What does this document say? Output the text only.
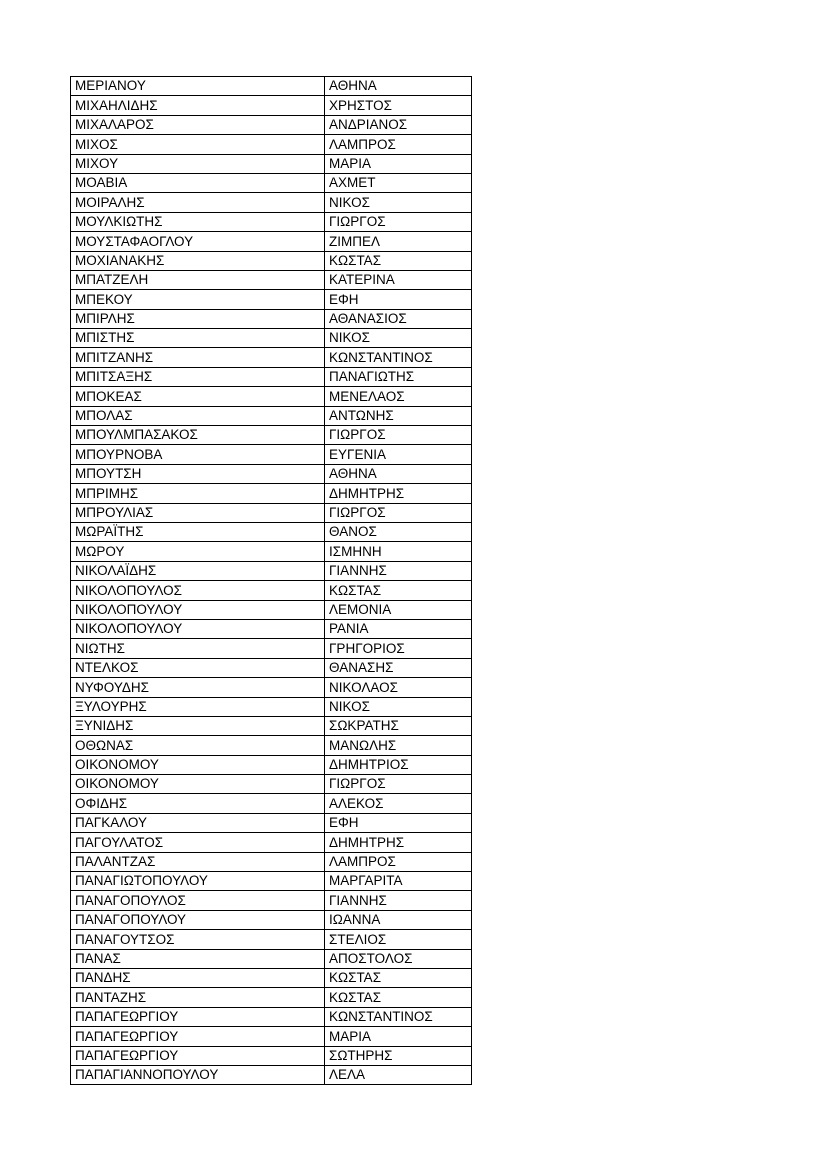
ΜΕΡΙΑΝΟΥ	ΑΘΗΝΑ
ΜΙΧΑΗΛΙΔΗΣ	ΧΡΗΣΤΟΣ
ΜΙΧΑΛΑΡΟΣ	ΑΝΔΡΙΑΝΟΣ
ΜΙΧΟΣ	ΛΑΜΠΡΟΣ
ΜΙΧΟΥ	ΜΑΡΙΑ
ΜΟΑΒΙΑ	ΑΧΜΕΤ
ΜΟΙΡΑΛΗΣ	ΝΙΚΟΣ
ΜΟΥΛΚΙΩΤΗΣ	ΓΙΩΡΓΟΣ
ΜΟΥΣΤΑΦΑΟΓΛΟΥ	ΖΙΜΠΕΛ
ΜΟΧΙΑΝΑΚΗΣ	ΚΩΣΤΑΣ
ΜΠΑΤΖΕΛΗ	ΚΑΤΕΡΙΝΑ
ΜΠΕΚΟΥ	ΕΦΗ
ΜΠΙΡΛΗΣ	ΑΘΑΝΑΣΙΟΣ
ΜΠΙΣΤΗΣ	ΝΙΚΟΣ
ΜΠΙΤΖΑΝΗΣ	ΚΩΝΣΤΑΝΤΙΝΟΣ
ΜΠΙΤΣΑΞΗΣ	ΠΑΝΑΓΙΩΤΗΣ
ΜΠΟΚΕΑΣ	ΜΕΝΕΛΑΟΣ
ΜΠΟΛΑΣ	ΑΝΤΩΝΗΣ
ΜΠΟΥΛΜΠΑΣΑΚΟΣ	ΓΙΩΡΓΟΣ
ΜΠΟΥΡΝΟΒΑ	ΕΥΓΕΝΙΑ
ΜΠΟΥΤΣΗ	ΑΘΗΝΑ
ΜΠΡΙΜΗΣ	ΔΗΜΗΤΡΗΣ
ΜΠΡΟΥΛΙΑΣ	ΓΙΩΡΓΟΣ
ΜΩΡΑΪΤΗΣ	ΘΑΝΟΣ
ΜΩΡΟΥ	ΙΣΜΗΝΗ
ΝΙΚΟΛΑΪΔΗΣ	ΓΙΑΝΝΗΣ
ΝΙΚΟΛΟΠΟΥΛΟΣ	ΚΩΣΤΑΣ
ΝΙΚΟΛΟΠΟΥΛΟΥ	ΛΕΜΟΝΙΑ
ΝΙΚΟΛΟΠΟΥΛΟΥ	ΡΑΝΙΑ
ΝΙΩΤΗΣ	ΓΡΗΓΟΡΙΟΣ
ΝΤΕΛΚΟΣ	ΘΑΝΑΣΗΣ
ΝΥΦΟΥΔΗΣ	ΝΙΚΟΛΑΟΣ
ΞΥΛΟΥΡΗΣ	ΝΙΚΟΣ
ΞΥΝΙΔΗΣ	ΣΩΚΡΑΤΗΣ
ΟΘΩΝΑΣ	ΜΑΝΩΛΗΣ
ΟΙΚΟΝΟΜΟΥ	ΔΗΜΗΤΡΙΟΣ
ΟΙΚΟΝΟΜΟΥ	ΓΙΩΡΓΟΣ
ΟΦΙΔΗΣ	ΑΛΕΚΟΣ
ΠΑΓΚΑΛΟΥ	ΕΦΗ
ΠΑΓΟΥΛΑΤΟΣ	ΔΗΜΗΤΡΗΣ
ΠΑΛΑΝΤΖΑΣ	ΛΑΜΠΡΟΣ
ΠΑΝΑΓΙΩΤΟΠΟΥΛΟΥ	ΜΑΡΓΑΡΙΤΑ
ΠΑΝΑΓΟΠΟΥΛΟΣ	ΓΙΑΝΝΗΣ
ΠΑΝΑΓΟΠΟΥΛΟΥ	ΙΩΑΝΝΑ
ΠΑΝΑΓΟΥΤΣΟΣ	ΣΤΕΛΙΟΣ
ΠΑΝΑΣ	ΑΠΟΣΤΟΛΟΣ
ΠΑΝΔΗΣ	ΚΩΣΤΑΣ
ΠΑΝΤΑΖΗΣ	ΚΩΣΤΑΣ
ΠΑΠΑΓΕΩΡΓΙΟΥ	ΚΩΝΣΤΑΝΤΙΝΟΣ
ΠΑΠΑΓΕΩΡΓΙΟΥ	ΜΑΡΙΑ
ΠΑΠΑΓΕΩΡΓΙΟΥ	ΣΩΤΗΡΗΣ
ΠΑΠΑΓΙΑΝΝΟΠΟΥΛΟΥ	ΛΕΛΑ
